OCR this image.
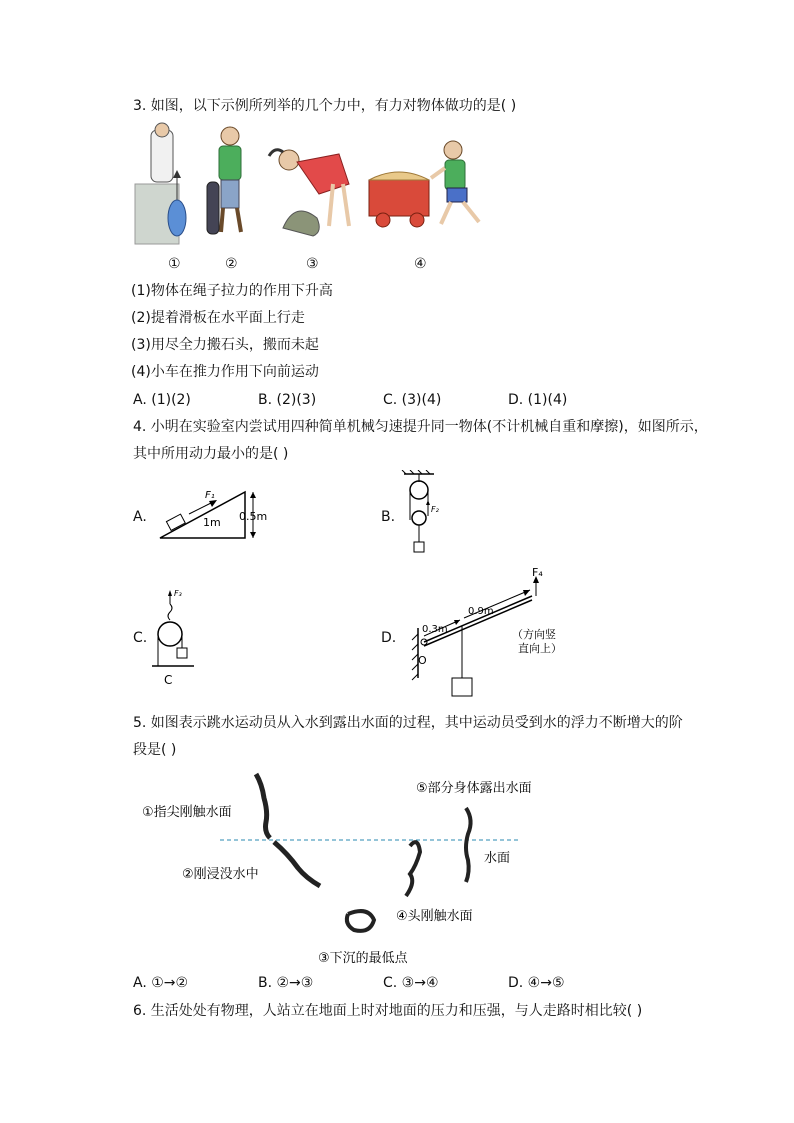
3. 如图，以下示例所列举的几个力中，有力对物体做功的是( )
①	②	③	④
(1)物体在绳子拉力的作用下升高
(2)提着滑板在水平面上行走
(3)用尽全力搬石头，搬而未起
(4)小车在推力作用下向前运动
A. (1)(2)	B. (2)(3)	C. (3)(4)	D. (1)(4)
4. 小明在实验室内尝试用四种简单机械匀速提升同一物体(不计机械自重和摩擦)，如图所示，
其中所用动力最小的是( )
A.
F₁
1m 0.5m	B.	F₂
C.
F₃
C
D.
O
0.3m
0.9m
F₄
（方向竖
直向上）
5. 如图表示跳水运动员从入水到露出水面的过程，其中运动员受到水的浮力不断增大的阶
段是( )
①指尖刚触水面
②刚浸没水中
③下沉的最低点
④头刚触水面
⑤部分身体露出水面
水面
A. ①→②	B. ②→③	C. ③→④	D. ④→⑤
6. 生活处处有物理，人站立在地面上时对地面的压力和压强，与人走路时相比较( )
